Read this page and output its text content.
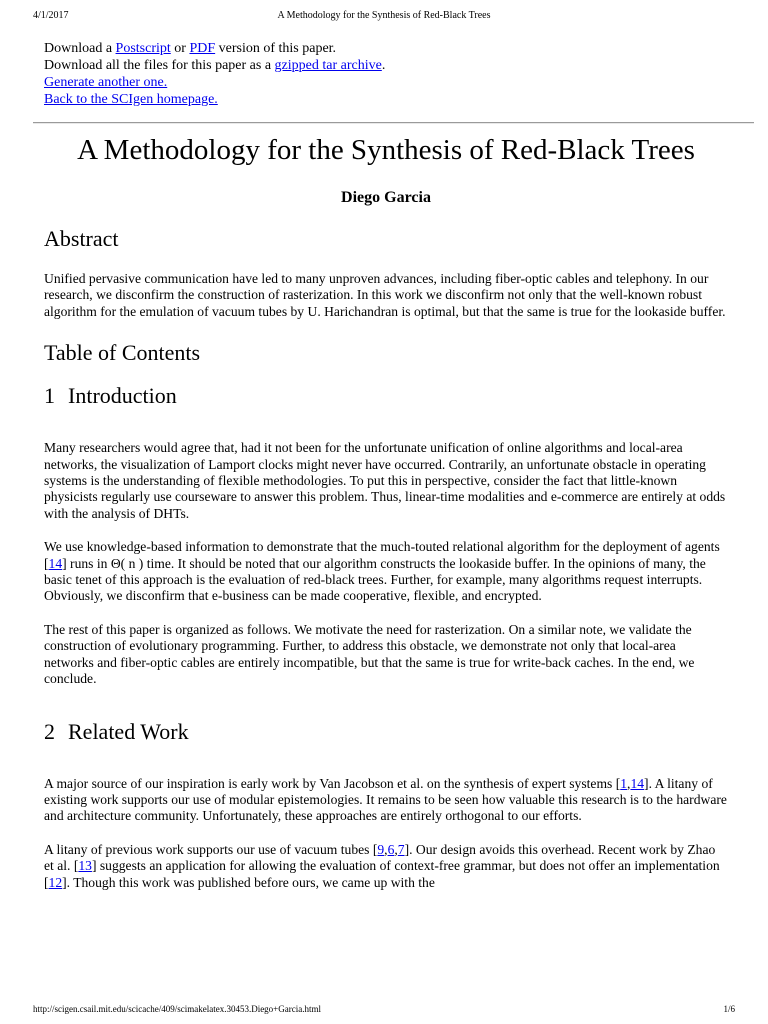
4/1/2017	A Methodology for the Synthesis of Red-Black Trees
Download a Postscript or PDF version of this paper.
Download all the files for this paper as a gzipped tar archive.
Generate another one.
Back to the SCIgen homepage.
A Methodology for the Synthesis of Red-Black Trees
Diego Garcia
Abstract

Unified pervasive communication have led to many unproven advances, including fiber-optic cables and telephony. In our research, we disconfirm the construction of rasterization. In this work we disconfirm not only that the well-known robust algorithm for the emulation of vacuum tubes by U. Harichandran is optimal, but that the same is true for the lookaside buffer.

Table of Contents
1 Introduction

Many researchers would agree that, had it not been for the unfortunate unification of online algorithms and local-area networks, the visualization of Lamport clocks might never have occurred. Contrarily, an unfortunate obstacle in operating systems is the understanding of flexible methodologies. To put this in perspective, consider the fact that little-known physicists regularly use courseware to answer this problem. Thus, linear-time modalities and e-commerce are entirely at odds with the analysis of DHTs.

We use knowledge-based information to demonstrate that the much-touted relational algorithm for the deployment of agents [14] runs in Θ( n ) time. It should be noted that our algorithm constructs the lookaside buffer. In the opinions of many, the basic tenet of this approach is the evaluation of red-black trees. Further, for example, many algorithms request interrupts. Obviously, we disconfirm that e-business can be made cooperative, flexible, and encrypted.

The rest of this paper is organized as follows. We motivate the need for rasterization. On a similar note, we validate the construction of evolutionary programming. Further, to address this obstacle, we demonstrate not only that local-area networks and fiber-optic cables are entirely incompatible, but that the same is true for write-back caches. In the end, we conclude.

2 Related Work

A major source of our inspiration is early work by Van Jacobson et al. on the synthesis of expert systems [1,14]. A litany of existing work supports our use of modular epistemologies. It remains to be seen how valuable this research is to the hardware and architecture community. Unfortunately, these approaches are entirely orthogonal to our efforts.

A litany of previous work supports our use of vacuum tubes [9,6,7]. Our design avoids this overhead. Recent work by Zhao et al. [13] suggests an application for allowing the evaluation of context-free grammar, but does not offer an implementation [12]. Though this work was published before ours, we came up with the

http://scigen.csail.mit.edu/scicache/409/scimakelatex.30453.Diego+Garcia.html	1/6
